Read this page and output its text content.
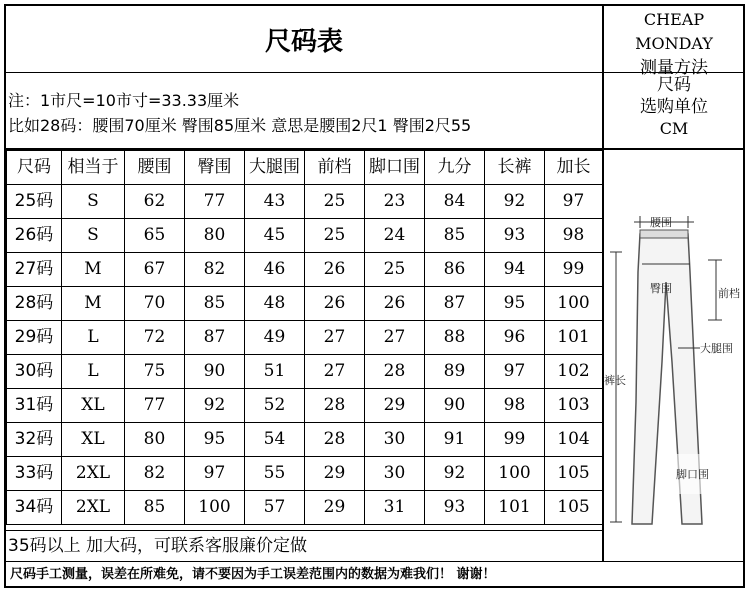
尺码表
CHEAP MONDAY
测量方法
注：1市尺=10市寸=33.33厘米
比如28码：腰围70厘米 臀围85厘米 意思是腰围2尺1 臀围2尺55
尺码
选购单位
CM
尺码	相当于	腰围	臀围	大腿围	前档	脚口围	九分	长裤	加长
25码	S	62	77	43	25	23	84	92	97
26码	S	65	80	45	25	24	85	93	98
27码	M	67	82	46	26	25	86	94	99
28码	M	70	85	48	26	26	87	95	100
29码	L	72	87	49	27	27	88	96	101
30码	L	75	90	51	27	28	89	97	102
31码	XL	77	92	52	28	29	90	98	103
32码	XL	80	95	54	28	30	91	99	104
33码	2XL	82	97	55	29	30	92	100	105
34码	2XL	85	100	57	29	31	93	101	105
35码以上 加大码，可联系客服廉价定做
尺码手工测量，误差在所难免，请不要因为手工误差范围内的数据为难我们！ 谢谢！
腰围
臀围	前档
大腿围
裤长
脚口围
